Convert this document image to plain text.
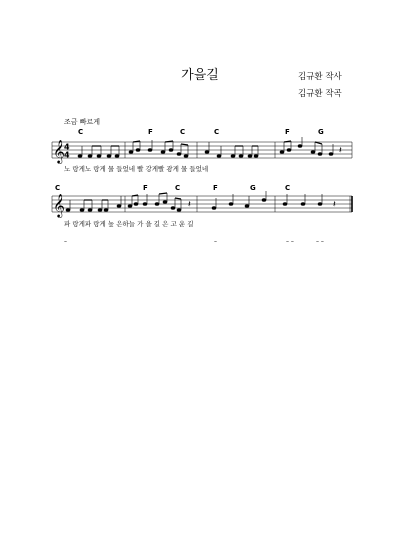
가을길	김규환 작사
김규환 작곡
조금 빠르게
𝄞 4
4
C	F	C	C	F	G
𝄽
𝄞
C	F	C	F	G	C
𝄽	𝄽
노 랑게노 랑게 물 들었네 빨 강게빨 광게 물 들었네
파 랑게파 랑게 높 은하늘 가 을 길 은 고 운 길
–	–	– –	– –
